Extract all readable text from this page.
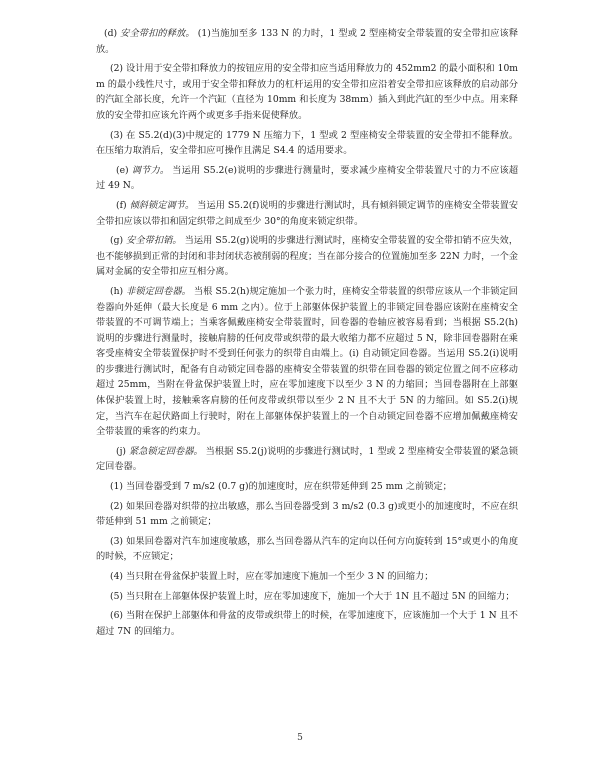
(d) 安全带扣的释放。 (1)当施加至多 133 N 的力时，1 型或 2 型座椅安全带装置的安全带扣应该释放。

(2) 设计用于安全带扣释放力的按钮应用的安全带扣应当适用释放力的 452mm2 的最小面积和 10mm 的最小线性尺寸，或用于安全带扣释放力的杠杆运用的安全带扣应沿着安全带扣应该释放的启动部分的汽缸全部长度，允许一个汽缸（直径为 10mm 和长度为 38mm）插入到此汽缸的至少中点。用来释放的安全带扣应该允许两个或更多手指来促使释放。

(3) 在 S5.2(d)(3)中规定的 1779 N 压缩力下，1 型或 2 型座椅安全带装置的安全带扣不能释放。在压缩力取消后，安全带扣应可操作且满足 S4.4 的适用要求。

(e) 调节力。 当运用 S5.2(e)说明的步骤进行测量时，要求减少座椅安全带装置尺寸的力不应该超过 49 N。

(f) 倾斜锁定调节。 当运用 S5.2(f)说明的步骤进行测试时，具有倾斜锁定调节的座椅安全带装置安全带扣应该以带扣和固定织带之间成至少 30°的角度来锁定织带。

(g) 安全带扣销。 当运用 S5.2(g)说明的步骤进行测试时，座椅安全带装置的安全带扣销不应失效，也不能够损到正常的封闭和非封闭状态被削弱的程度；当在部分接合的位置施加至多 22N 力时，一个金属对金属的安全带扣应互相分离。

(h) 非锁定回卷器。 当根 S5.2(h)规定施加一个张力时，座椅安全带装置的织带应该从一个非锁定回卷器向外延伸（最大长度是 6 mm 之内）。位于上部躯体保护装置上的非锁定回卷器应该附在座椅安全带装置的不可调节端上；当乘客佩戴座椅安全带装置时，回卷器的卷轴应被容易看到；当根据 S5.2(h)说明的步骤进行测量时，接触肩膀的任何皮带或织带的最大收缩力都不应超过 5 N，除非回卷器附在乘客受座椅安全带装置保护时不受到任何张力的织带自由端上。(i) 自动锁定回卷器。当运用 S5.2(i)说明的步骤进行测试时，配备有自动锁定回卷器的座椅安全带装置的织带在回卷器的锁定位置之间不应移动超过 25mm，当附在骨盆保护装置上时，应在零加速度下以至少 3 N 的力缩回；当回卷器附在上部躯体保护装置上时，接触乘客肩膀的任何皮带或织带以至少 2 N 且不大于 5N 的力缩回。如 S5.2(i)规定，当汽车在起伏路面上行驶时，附在上部躯体保护装置上的一个自动锁定回卷器不应增加佩戴座椅安全带装置的乘客的约束力。

(j) 紧急锁定回卷器。 当根据 S5.2(j)说明的步骤进行测试时，1 型或 2 型座椅安全带装置的紧急锁定回卷器。

(1) 当回卷器受到 7 m/s2 (0.7 g)的加速度时，应在织带延伸到 25 mm 之前锁定；

(2) 如果回卷器对织带的拉出敏感，那么当回卷器受到 3 m/s2 (0.3 g)或更小的加速度时，不应在织带延伸到 51 mm 之前锁定；

(3) 如果回卷器对汽车加速度敏感，那么当回卷器从汽车的定向以任何方向旋转到 15°或更小的角度的时候，不应锁定；

(4) 当只附在骨盆保护装置上时，应在零加速度下施加一个至少 3 N 的回缩力；

(5) 当只附在上部躯体保护装置上时，应在零加速度下，施加一个大于 1N 且不超过 5N 的回缩力；

(6) 当附在保护上部躯体和骨盆的皮带或织带上的时候，在零加速度下，应该施加一个大于 1 N 且不超过 7N 的回缩力。

5
